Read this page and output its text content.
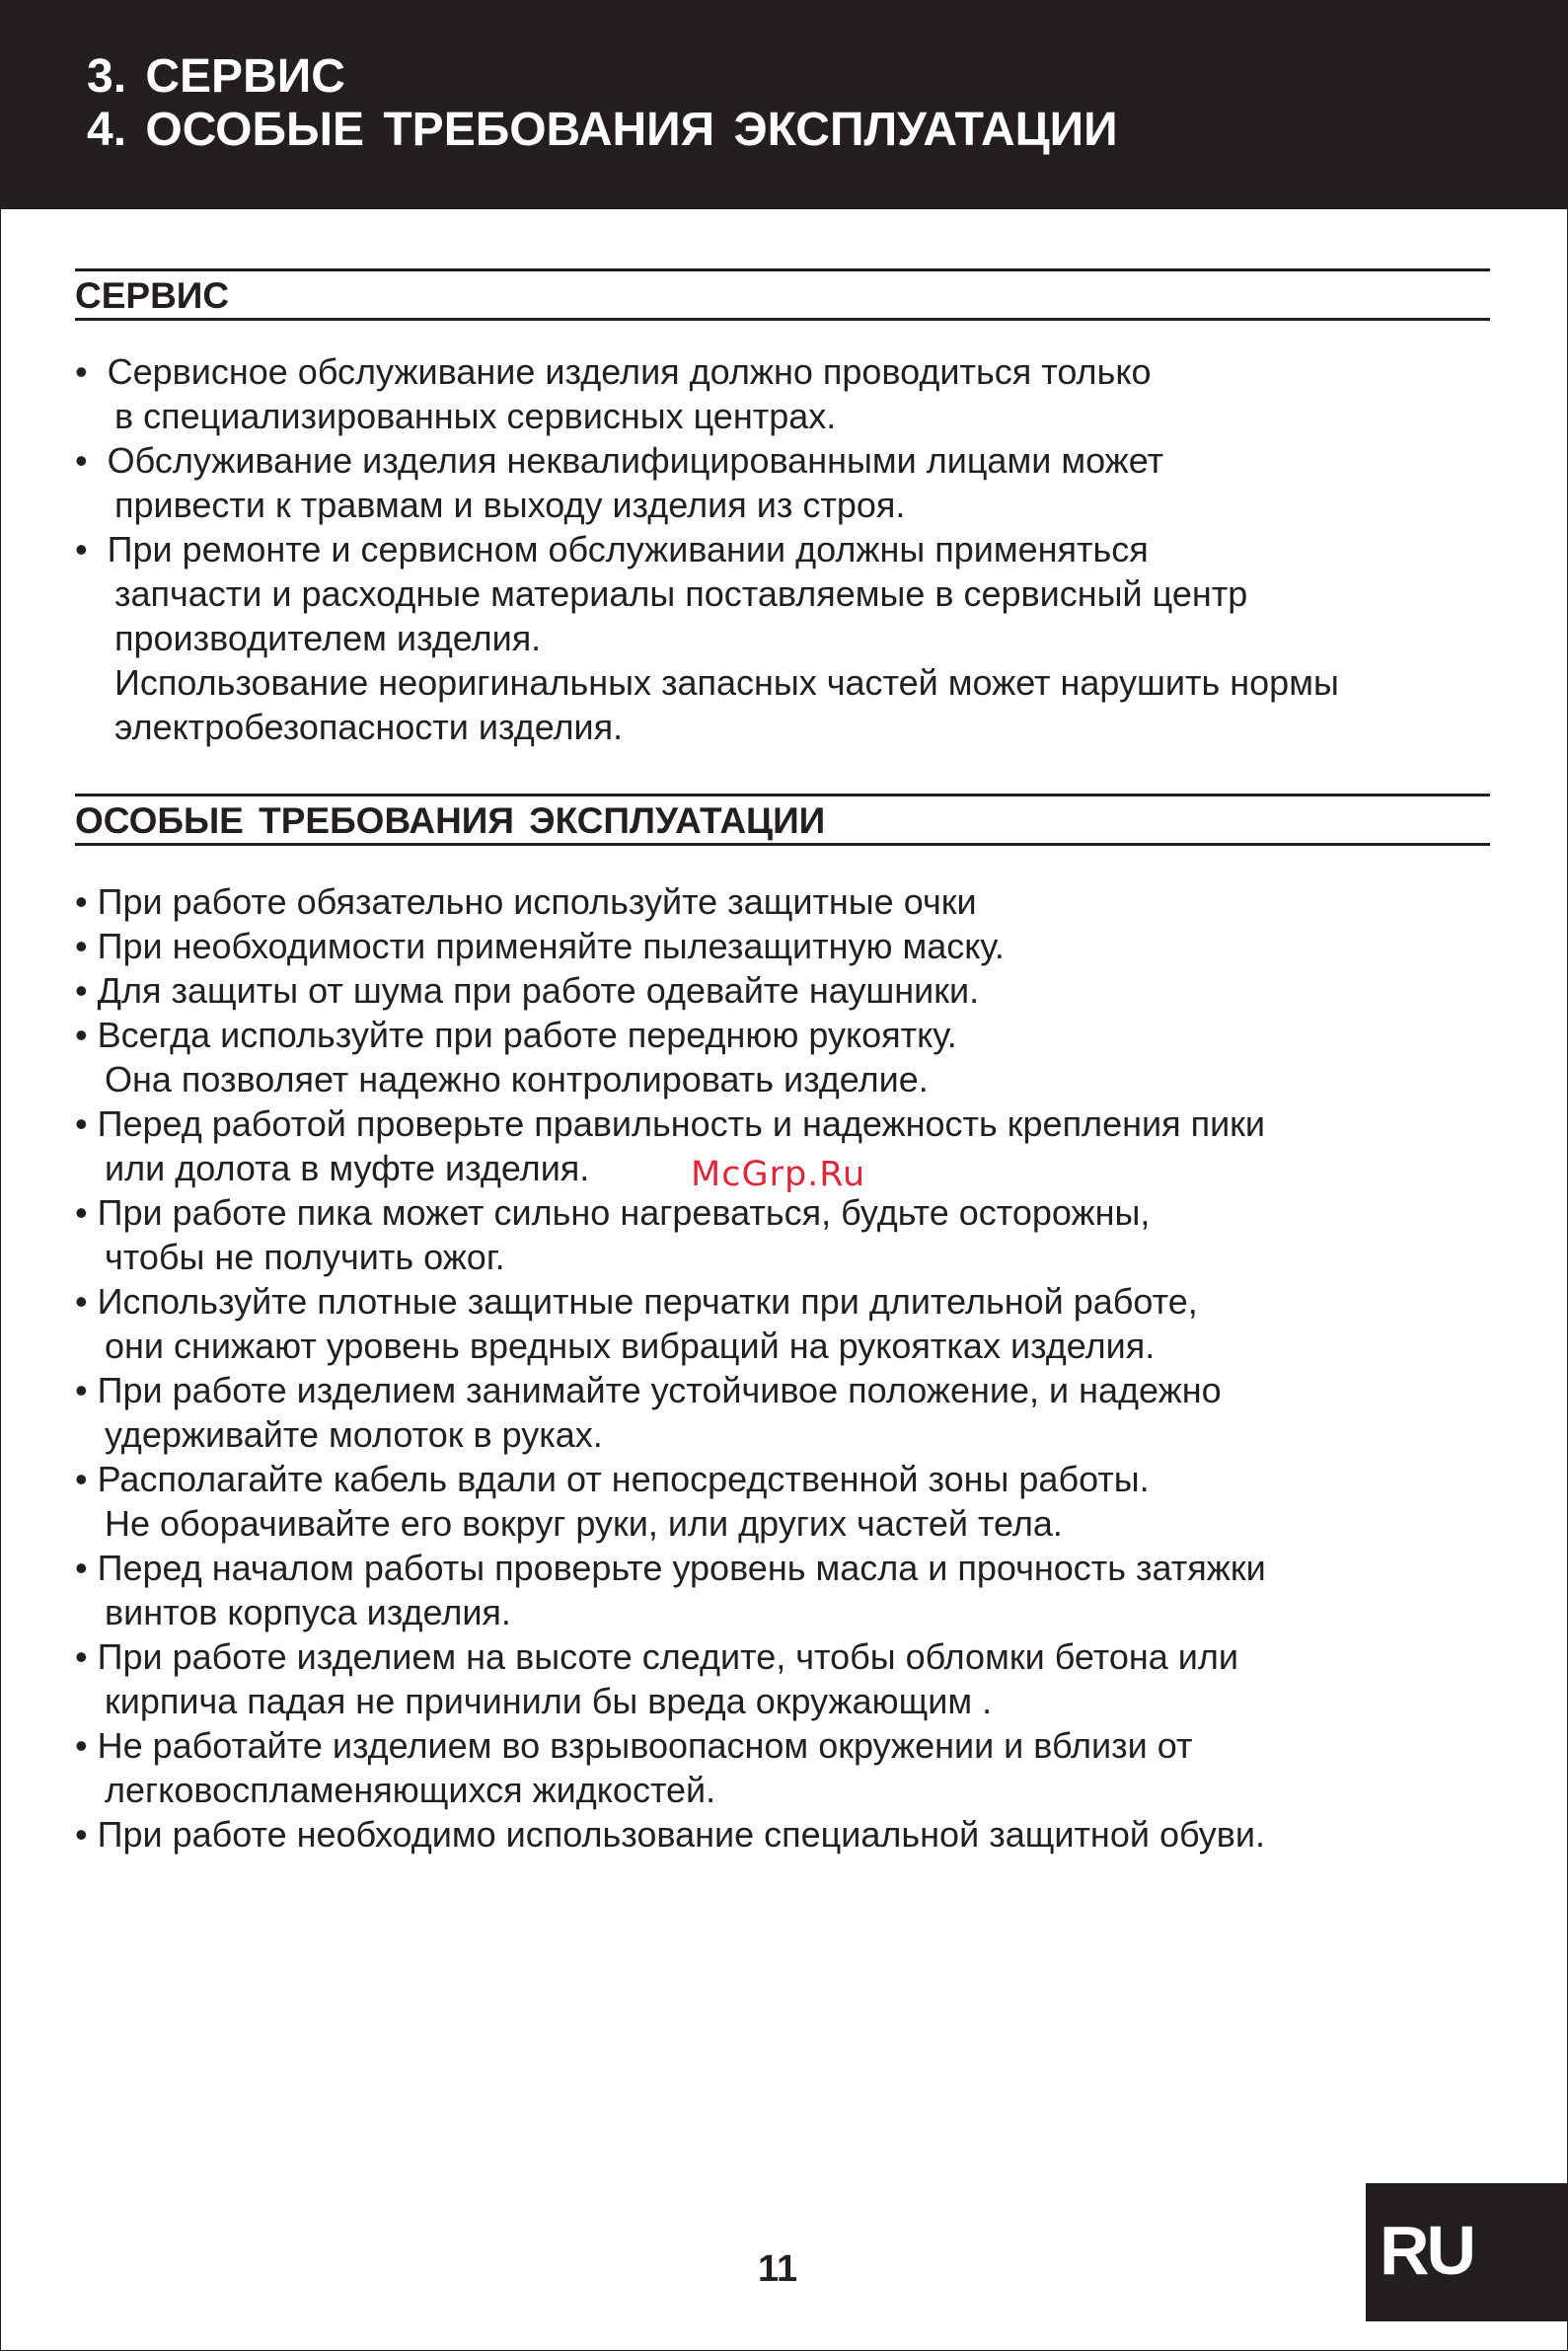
3. СЕРВИС
4. ОСОБЫЕ ТРЕБОВАНИЯ ЭКСПЛУАТАЦИИ
СЕРВИС
•  Сервисное обслуживание изделия должно проводиться только
в специализированных сервисных центрах.
•  Обслуживание изделия неквалифицированными лицами может
привести к травмам и выходу изделия из строя.
•  При ремонте и сервисном обслуживании должны применяться
запчасти и расходные материалы поставляемые в сервисный центр
производителем изделия.
Использование неоригинальных запасных частей может нарушить нормы
электробезопасности изделия.
ОСОБЫЕ ТРЕБОВАНИЯ ЭКСПЛУАТАЦИИ
• При работе обязательно используйте защитные очки
• При необходимости применяйте пылезащитную маску.
• Для защиты от шума при работе одевайте наушники.
• Всегда используйте при работе переднюю рукоятку.
Она позволяет надежно контролировать изделие.
• Перед работой проверьте правильность и надежность крепления пики
или долота в муфте изделия.
• При работе пика может сильно нагреваться, будьте осторожны,
чтобы не получить ожог.
• Используйте плотные защитные перчатки при длительной работе,
они снижают уровень вредных вибраций на рукоятках изделия.
• При работе изделием занимайте устойчивое положение, и надежно
удерживайте молоток в руках.
• Располагайте кабель вдали от непосредственной зоны работы.
Не оборачивайте его вокруг руки, или других частей тела.
• Перед началом работы проверьте уровень масла и прочность затяжки
винтов корпуса изделия.
• При работе изделием на высоте следите, чтобы обломки бетона или
кирпича падая не причинили бы вреда окружающим .
• Не работайте изделием во взрывоопасном окружении и вблизи от
легковоспламеняющихся жидкостей.
• При работе необходимо использование специальной защитной обуви.
McGrp.Ru
11	RU
